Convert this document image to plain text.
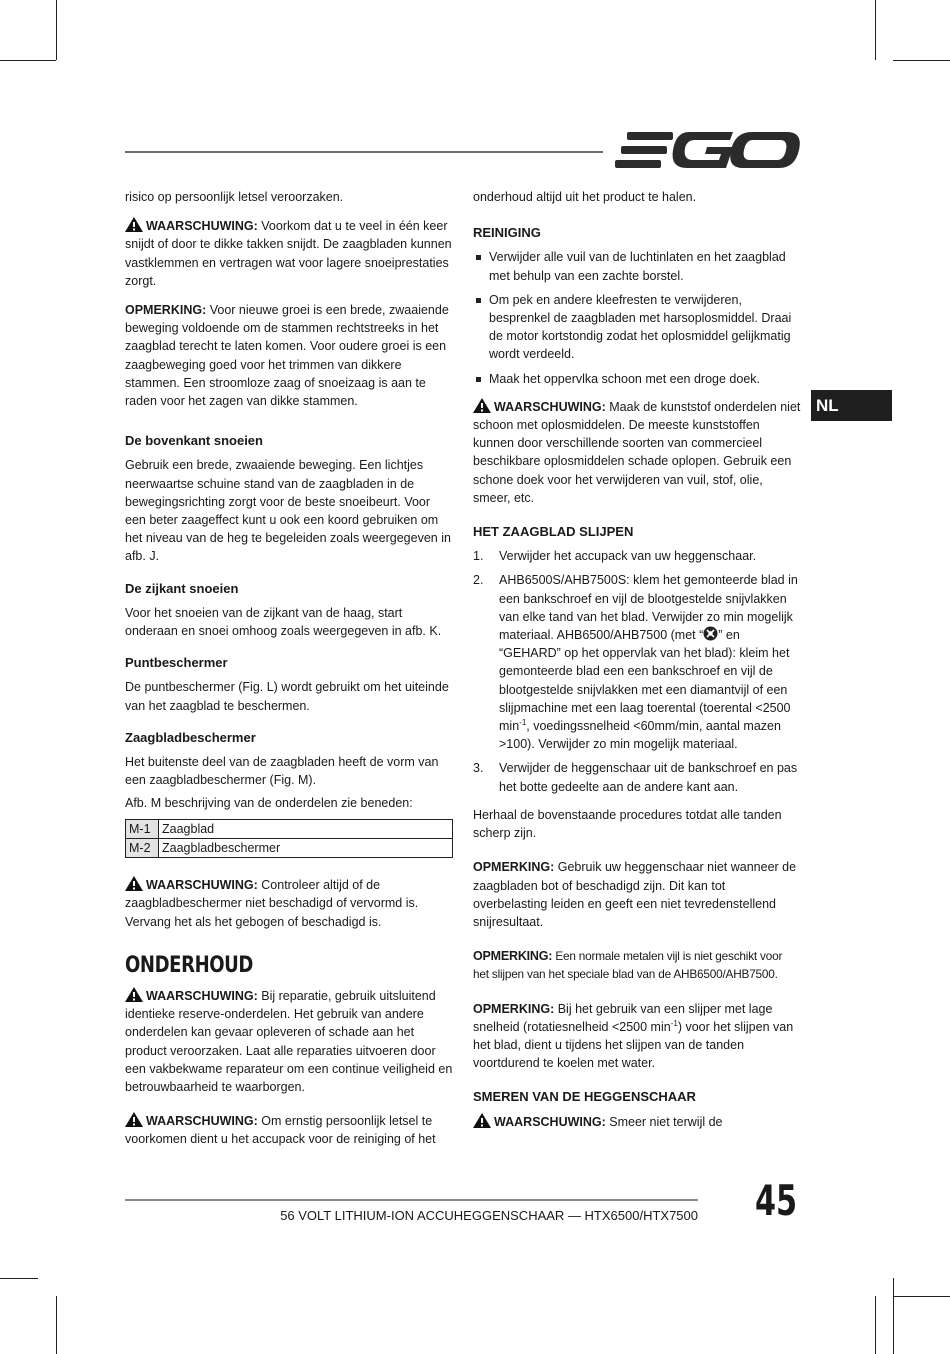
NL

risico op persoonlijk letsel veroorzaken.

WAARSCHUWING: Voorkom dat u te veel in één keer snijdt of door te dikke takken snijdt. De zaagbladen kunnen vastklemmen en vertragen wat voor lagere snoeiprestaties zorgt.

OPMERKING: Voor nieuwe groei is een brede, zwaaiende beweging voldoende om de stammen rechtstreeks in het zaagblad terecht te laten komen. Voor oudere groei is een zaagbeweging goed voor het trimmen van dikkere stammen. Een stroomloze zaag of snoeizaag is aan te raden voor het zagen van dikke stammen.

De bovenkant snoeien

Gebruik een brede, zwaaiende beweging. Een lichtjes neerwaartse schuine stand van de zaagbladen in de bewegingsrichting zorgt voor de beste snoeibeurt. Voor een beter zaageffect kunt u ook een koord gebruiken om het niveau van de heg te begeleiden zoals weergegeven in afb. J.

De zijkant snoeien

Voor het snoeien van de zijkant van de haag, start onderaan en snoei omhoog zoals weergegeven in afb. K.

Puntbeschermer

De puntbeschermer (Fig. L) wordt gebruikt om het uiteinde van het zaagblad te beschermen.

Zaagbladbeschermer

Het buitenste deel van de zaagbladen heeft de vorm van een zaagbladbeschermer (Fig. M).

Afb. M beschrijving van de onderdelen zie beneden:

M-1	Zaagblad
M-2	Zaagbladbeschermer

WAARSCHUWING: Controleer altijd of de zaagbladbeschermer niet beschadigd of vervormd is. Vervang het als het gebogen of beschadigd is.

ONDERHOUD

WAARSCHUWING: Bij reparatie, gebruik uitsluitend identieke reserve-onderdelen. Het gebruik van andere onderdelen kan gevaar opleveren of schade aan het product veroorzaken. Laat alle reparaties uitvoeren door een vakbekwame reparateur om een continue veiligheid en betrouwbaarheid te waarborgen.

WAARSCHUWING: Om ernstig persoonlijk letsel te voorkomen dient u het accupack voor de reiniging of het

onderhoud altijd uit het product te halen.

REINIGING
Verwijder alle vuil van de luchtinlaten en het zaagblad met behulp van een zachte borstel.
Om pek en andere kleefresten te verwijderen, besprenkel de zaagbladen met harsoplosmiddel. Draai de motor kortstondig zodat het oplosmiddel gelijkmatig wordt verdeeld.
Maak het oppervlka schoon met een droge doek.

WAARSCHUWING: Maak de kunststof onderdelen niet schoon met oplosmiddelen. De meeste kunststoffen kunnen door verschillende soorten van commercieel beschikbare oplosmiddelen schade oplopen. Gebruik een schone doek voor het verwijderen van vuil, stof, olie, smeer, etc.

HET ZAAGBLAD SLIJPEN
1. Verwijder het accupack van uw heggenschaar.
2. AHB6500S/AHB7500S: klem het gemonteerde blad in een bankschroef en vijl de blootgestelde snijvlakken van elke tand van het blad. Verwijder zo min mogelijk materiaal. AHB6500/AHB7500 (met “ ” en “GEHARD” op het oppervlak van het blad): kleim het gemonteerde blad een een bankschroef en vijl de blootgestelde snijvlakken met een diamantvijl of een slijpmachine met een laag toerental (toerental <2500 $\min^{-1}$, voedingssnelheid <60mm/min, aantal mazen >100). Verwijder zo min mogelijk materiaal.
3. Verwijder de heggenschaar uit de bankschroef en pas het botte gedeelte aan de andere kant aan.

Herhaal de bovenstaande procedures totdat alle tanden scherp zijn.

OPMERKING: Gebruik uw heggenschaar niet wanneer de zaagbladen bot of beschadigd zijn. Dit kan tot overbelasting leiden en geeft een niet tevredenstellend snijresultaat.

OPMERKING: Een normale metalen vijl is niet geschikt voor het slijpen van het speciale blad van de AHB6500/AHB7500.

OPMERKING: Bij het gebruik van een slijper met lage snelheid (rotatiesnelheid <2500 $\min^{-1}$) voor het slijpen van het blad, dient u tijdens het slijpen van de tanden voortdurend te koelen met water.

SMEREN VAN DE HEGGENSCHAAR

WAARSCHUWING: Smeer niet terwijl de

56 VOLT LITHIUM-ION ACCUHEGGENSCHAAR — HTX6500/HTX7500 45
